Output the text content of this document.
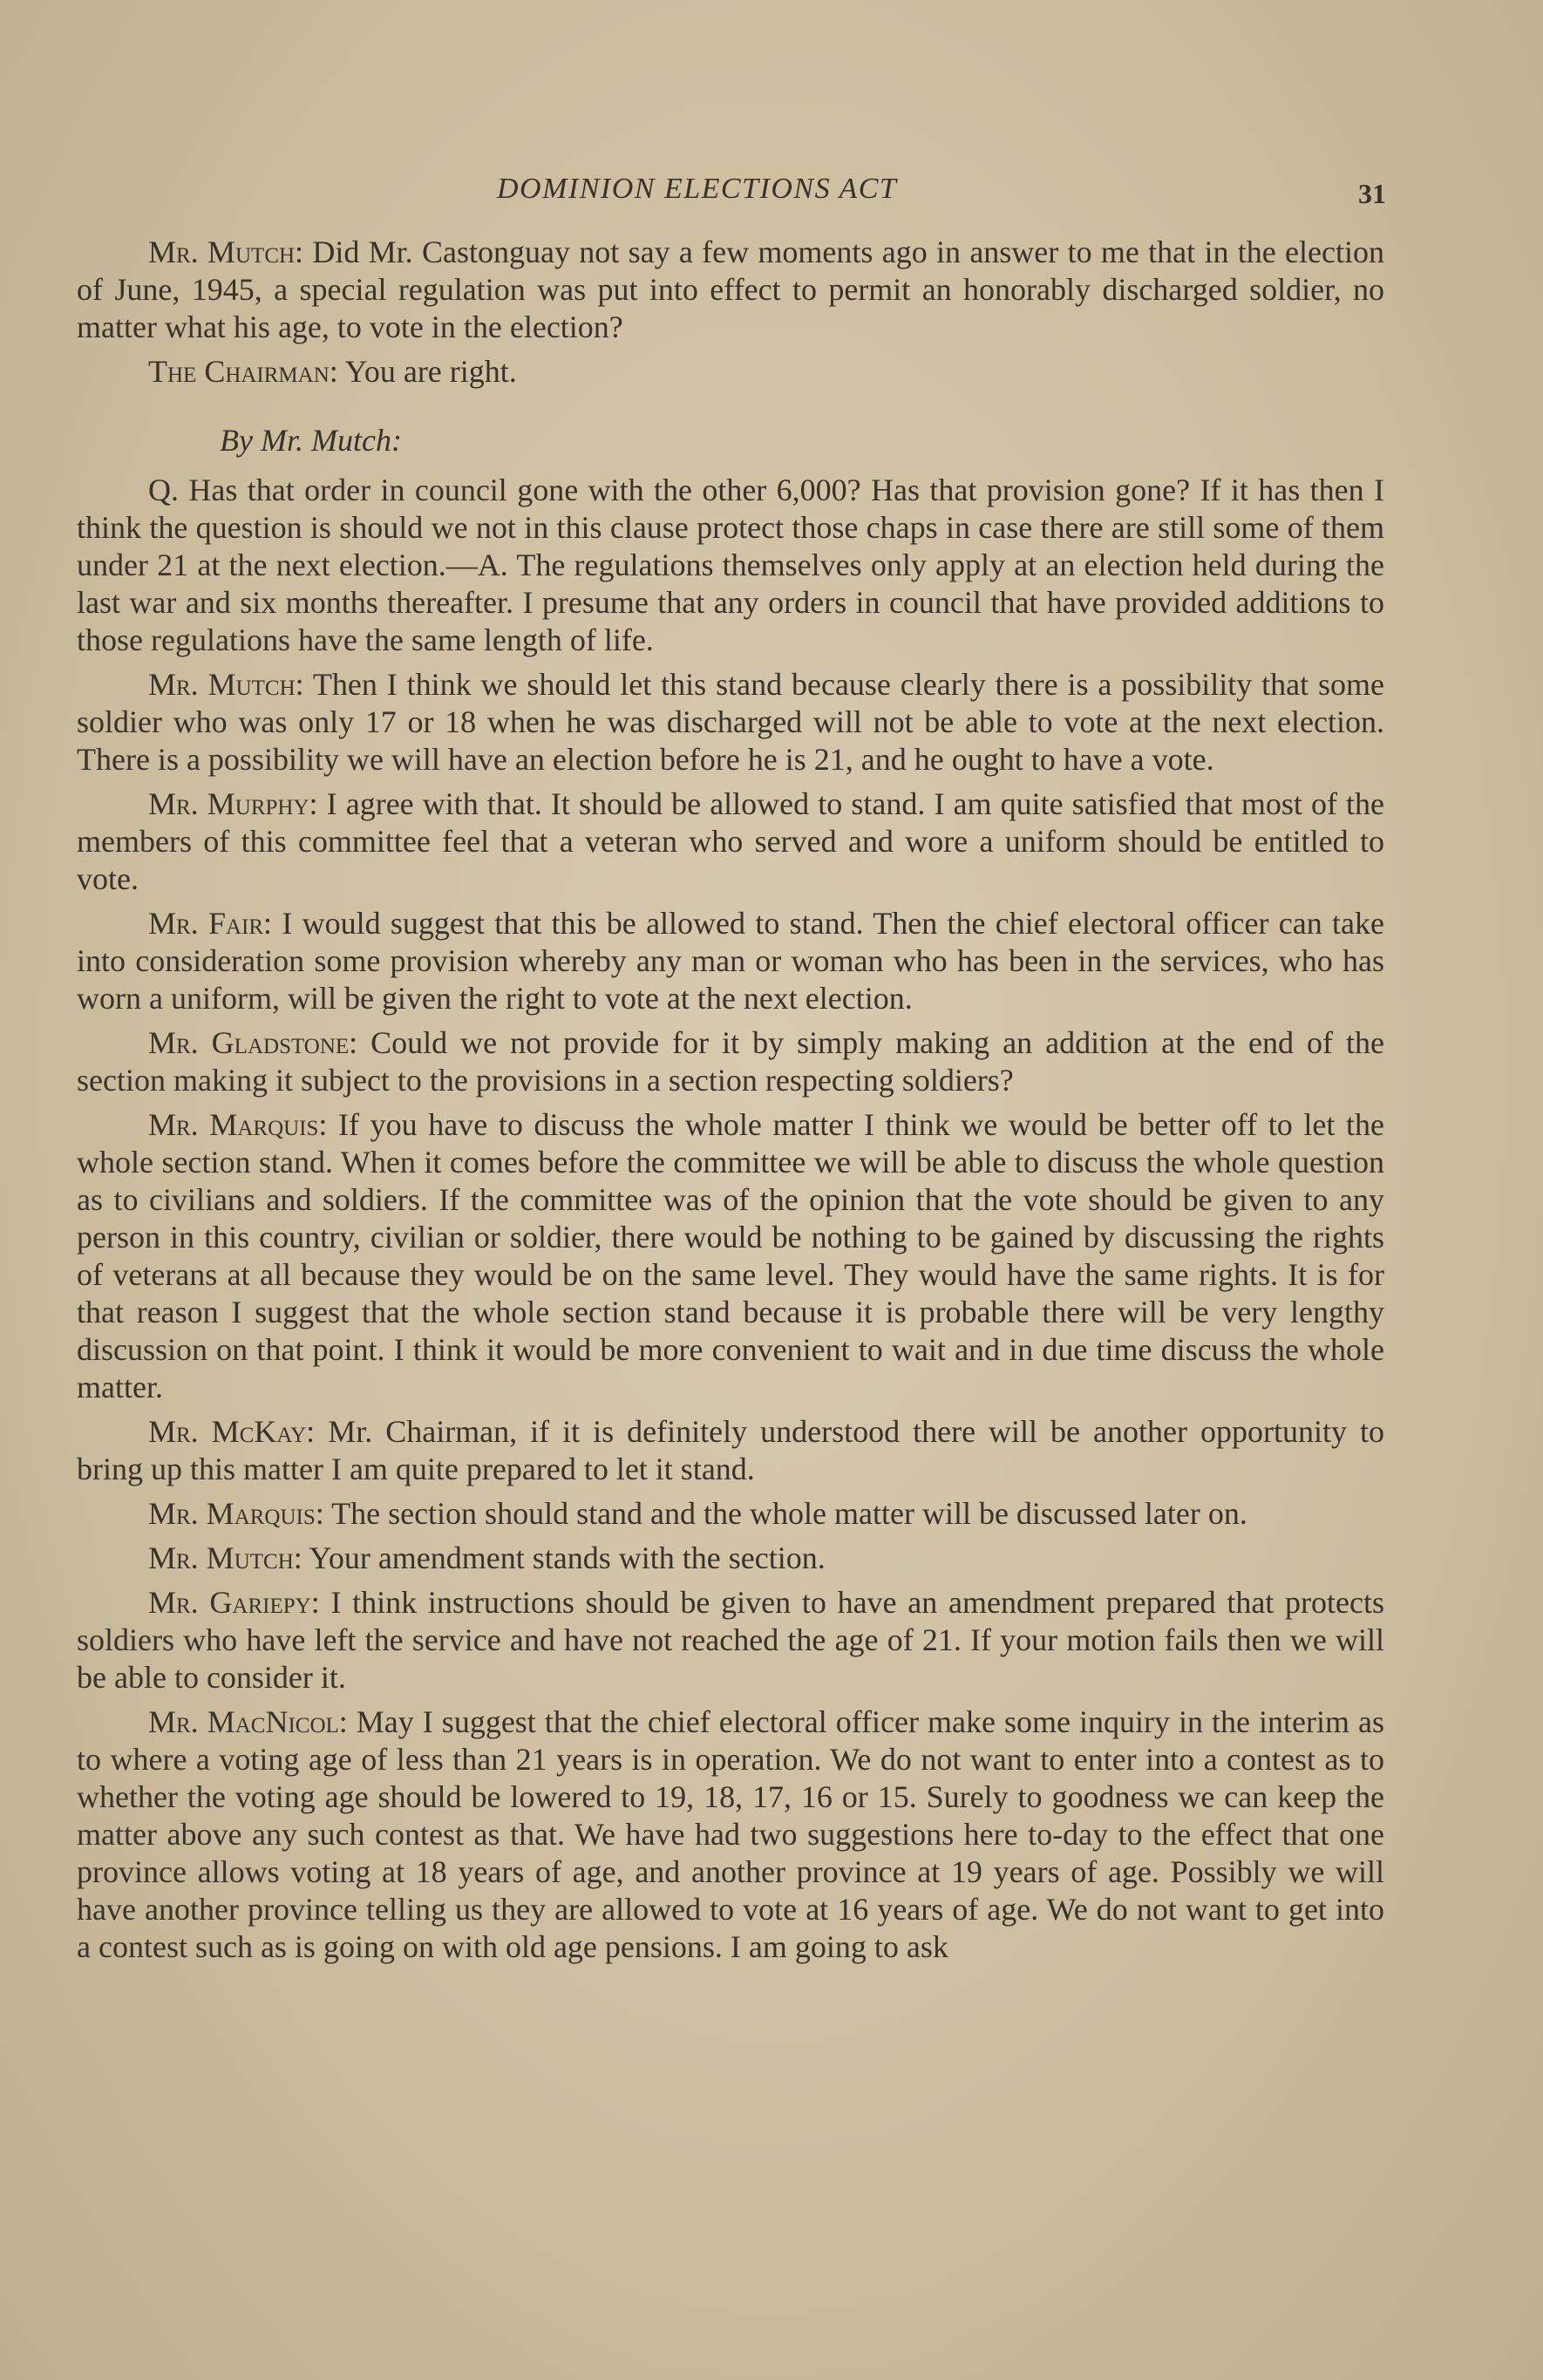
DOMINION ELECTIONS ACT	31

Mr. Mutch: Did Mr. Castonguay not say a few moments ago in answer to me that in the election of June, 1945, a special regulation was put into effect to permit an honorably discharged soldier, no matter what his age, to vote in the election?

The Chairman: You are right.

By Mr. Mutch:

Q. Has that order in council gone with the other 6,000? Has that provision gone? If it has then I think the question is should we not in this clause protect those chaps in case there are still some of them under 21 at the next election.—A. The regulations themselves only apply at an election held during the last war and six months thereafter. I presume that any orders in council that have provided additions to those regulations have the same length of life.

Mr. Mutch: Then I think we should let this stand because clearly there is a possibility that some soldier who was only 17 or 18 when he was discharged will not be able to vote at the next election. There is a possibility we will have an election before he is 21, and he ought to have a vote.

Mr. Murphy: I agree with that. It should be allowed to stand. I am quite satisfied that most of the members of this committee feel that a veteran who served and wore a uniform should be entitled to vote.

Mr. Fair: I would suggest that this be allowed to stand. Then the chief electoral officer can take into consideration some provision whereby any man or woman who has been in the services, who has worn a uniform, will be given the right to vote at the next election.

Mr. Gladstone: Could we not provide for it by simply making an addition at the end of the section making it subject to the provisions in a section respecting soldiers?

Mr. Marquis: If you have to discuss the whole matter I think we would be better off to let the whole section stand. When it comes before the committee we will be able to discuss the whole question as to civilians and soldiers. If the committee was of the opinion that the vote should be given to any person in this country, civilian or soldier, there would be nothing to be gained by discussing the rights of veterans at all because they would be on the same level. They would have the same rights. It is for that reason I suggest that the whole section stand because it is probable there will be very lengthy discussion on that point. I think it would be more convenient to wait and in due time discuss the whole matter.

Mr. McKay: Mr. Chairman, if it is definitely understood there will be another opportunity to bring up this matter I am quite prepared to let it stand.

Mr. Marquis: The section should stand and the whole matter will be discussed later on.

Mr. Mutch: Your amendment stands with the section.

Mr. Gariepy: I think instructions should be given to have an amendment prepared that protects soldiers who have left the service and have not reached the age of 21. If your motion fails then we will be able to consider it.

Mr. MacNicol: May I suggest that the chief electoral officer make some inquiry in the interim as to where a voting age of less than 21 years is in operation. We do not want to enter into a contest as to whether the voting age should be lowered to 19, 18, 17, 16 or 15. Surely to goodness we can keep the matter above any such contest as that. We have had two suggestions here to-day to the effect that one province allows voting at 18 years of age, and another province at 19 years of age. Possibly we will have another province telling us they are allowed to vote at 16 years of age. We do not want to get into a contest such as is going on with old age pensions. I am going to ask
